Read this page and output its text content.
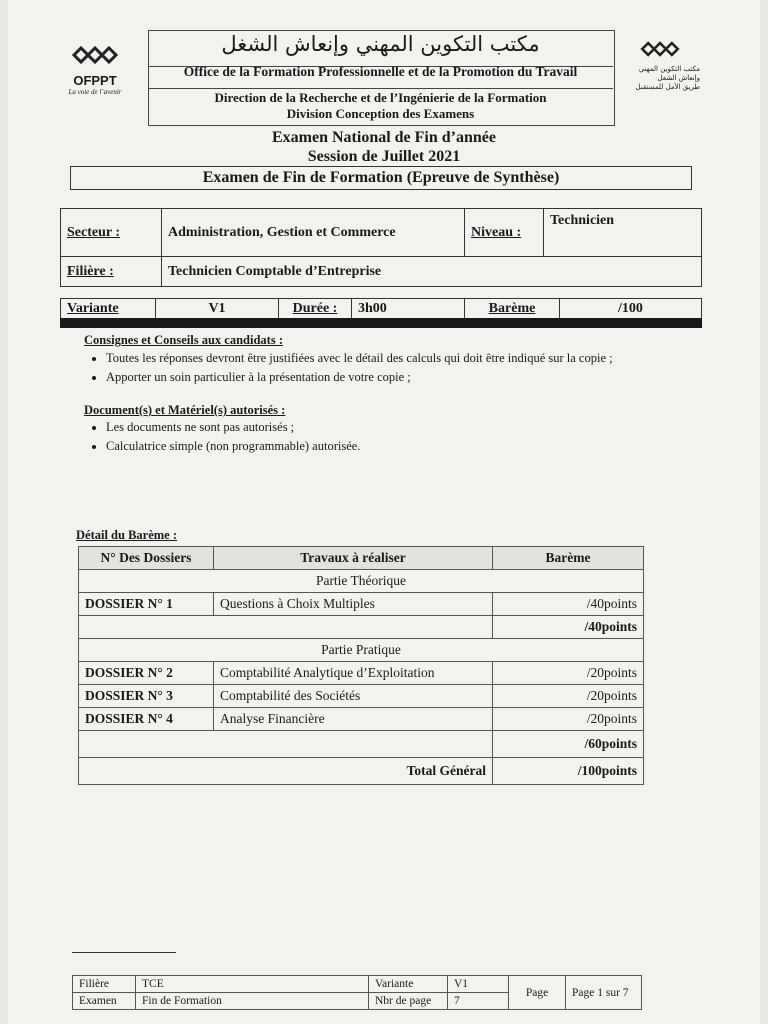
OFPPT
La voie de l’avenir
مكتب التكوين المهني
وإنعاش الشغل
طريق الأمل للمستقبل
مكتب التكوين المهني وإنعاش الشغل
Office de la Formation Professionnelle et de la Promotion du Travail
Direction de la Recherche et de l’Ingénierie de la Formation
Division Conception des Examens
Examen National de Fin d’année
Session de Juillet 2021
Examen de Fin de Formation (Epreuve de Synthèse)
Secteur :	Administration, Gestion et Commerce	Niveau :	Technicien
Filière :	Technicien Comptable d’Entreprise		
Variante	V1	Durée :	3h00	Barème	/100
Consignes et Conseils aux candidats :
• Toutes les réponses devront être justifiées avec le détail des calculs qui doit être indiqué sur la copie ;
• Apporter un soin particulier à la présentation de votre copie ;
Document(s) et Matériel(s) autorisés :
• Les documents ne sont pas autorisés ;
• Calculatrice simple (non programmable) autorisée.
Détail du Barème :
N° Des Dossiers	Travaux à réaliser	Barème
Partie Théorique		
DOSSIER N° 1	Questions à Choix Multiples	/40points
		/40points
Partie Pratique		
DOSSIER N° 2	Comptabilité Analytique d’Exploitation	/20points
DOSSIER N° 3	Comptabilité des Sociétés	/20points
DOSSIER N° 4	Analyse Financière	/20points
		/60points
Total Général		/100points
Filière	TCE	Variante	V1	Page	Page 1 sur 7
Examen	Fin de Formation	Nbr de page	7		
